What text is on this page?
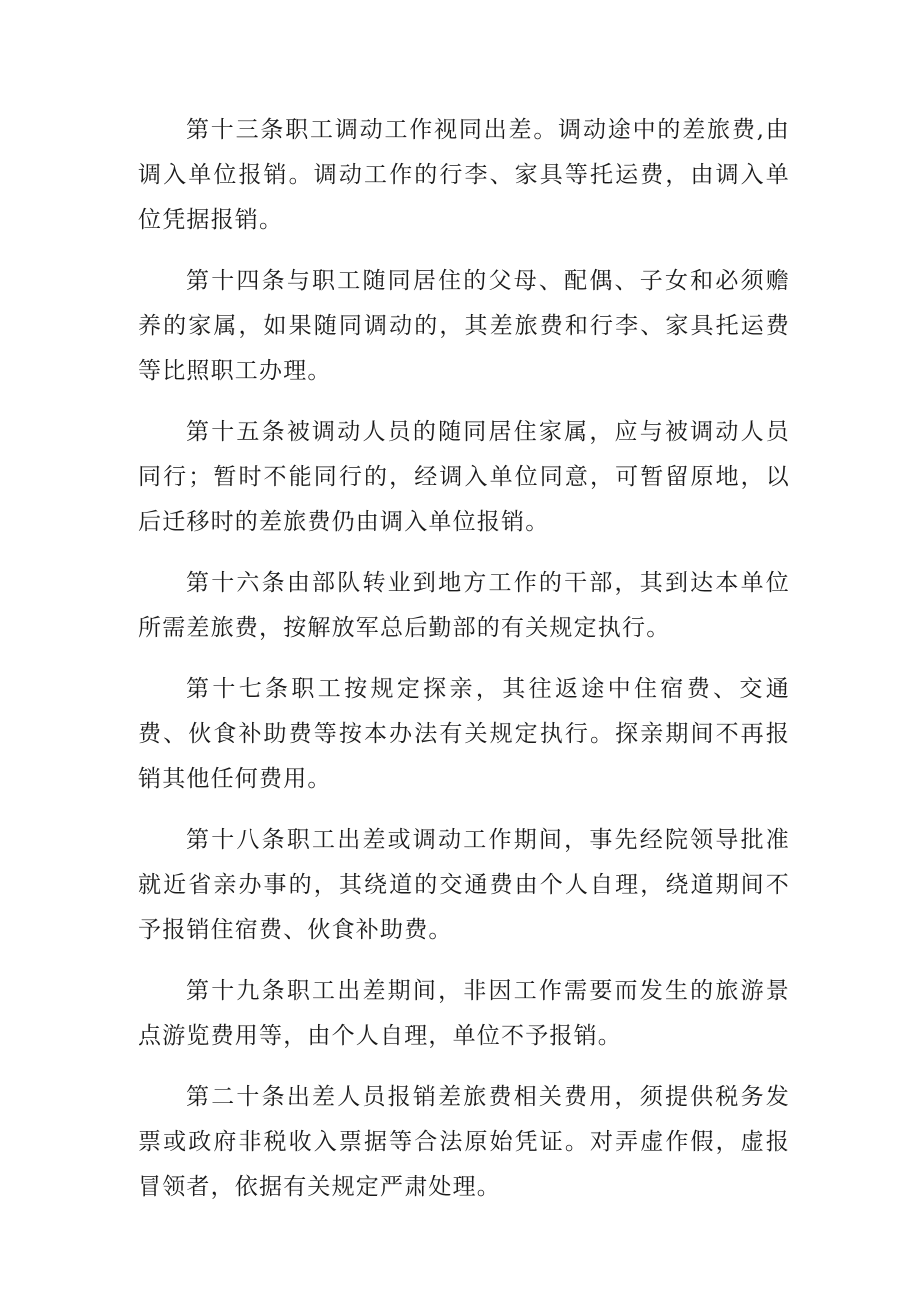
第十三条职工调动工作视同出差。调动途中的差旅费,由调入单位报销。调动工作的行李、家具等托运费，由调入单位凭据报销。

第十四条与职工随同居住的父母、配偶、子女和必须赡养的家属，如果随同调动的，其差旅费和行李、家具托运费等比照职工办理。

第十五条被调动人员的随同居住家属，应与被调动人员同行；暂时不能同行的，经调入单位同意，可暂留原地，以后迁移时的差旅费仍由调入单位报销。

第十六条由部队转业到地方工作的干部，其到达本单位所需差旅费，按解放军总后勤部的有关规定执行。

第十七条职工按规定探亲，其往返途中住宿费、交通费、伙食补助费等按本办法有关规定执行。探亲期间不再报销其他任何费用。

第十八条职工出差或调动工作期间，事先经院领导批准就近省亲办事的，其绕道的交通费由个人自理，绕道期间不予报销住宿费、伙食补助费。

第十九条职工出差期间，非因工作需要而发生的旅游景点游览费用等，由个人自理，单位不予报销。

第二十条出差人员报销差旅费相关费用，须提供税务发票或政府非税收入票据等合法原始凭证。对弄虚作假，虚报冒领者，依据有关规定严肃处理。
